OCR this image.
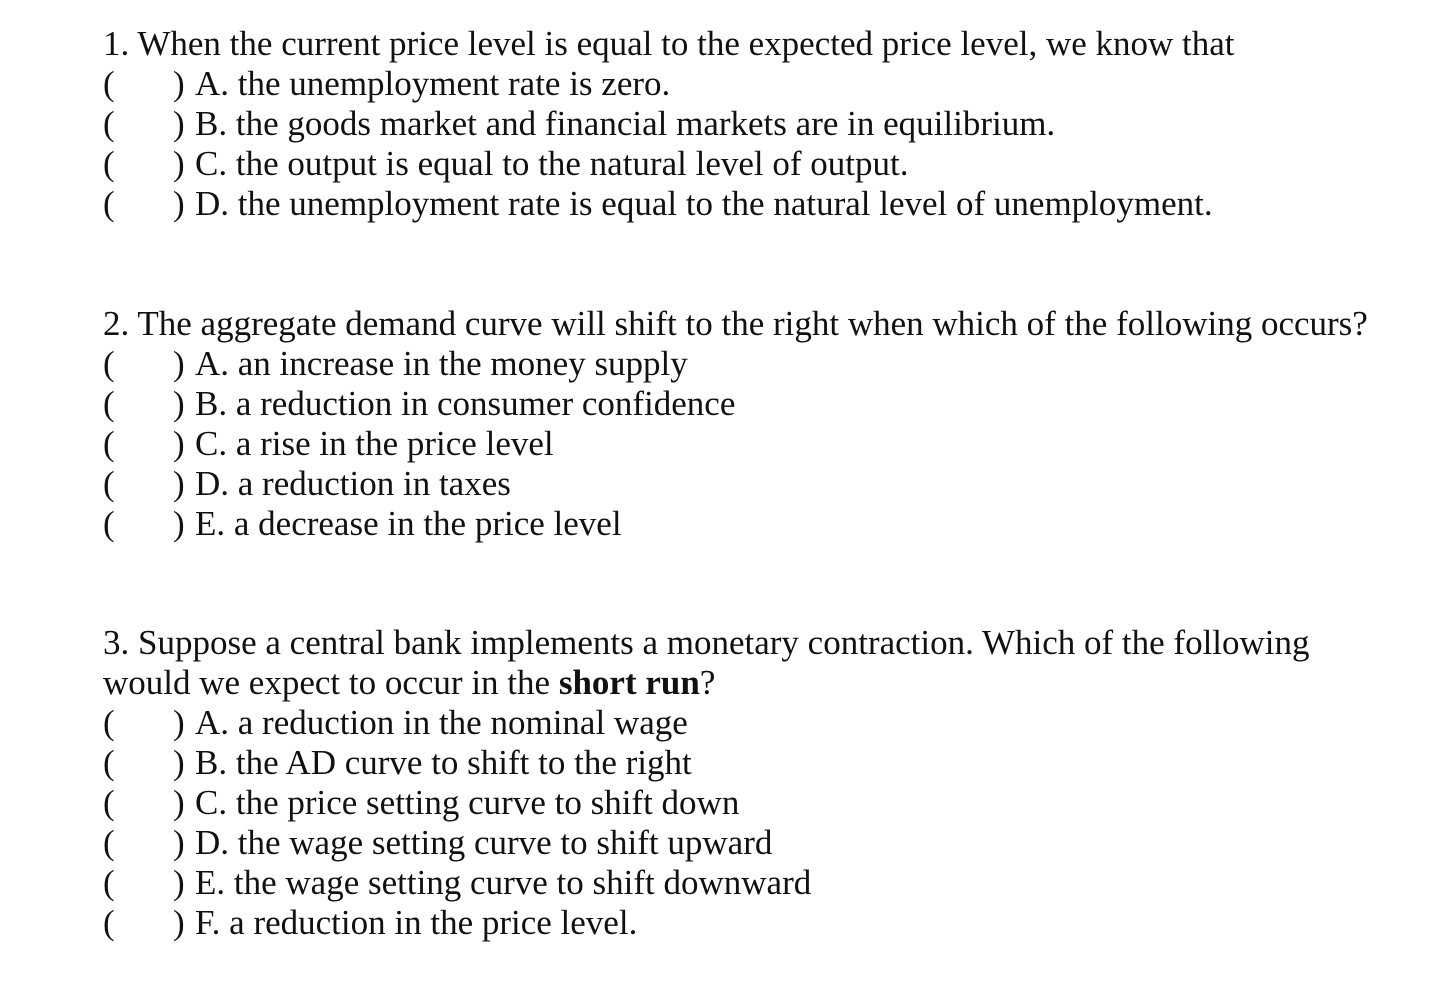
1. When the current price level is equal to the expected price level, we know that
( ) A. the unemployment rate is zero.
( ) B. the goods market and financial markets are in equilibrium.
( ) C. the output is equal to the natural level of output.
( ) D. the unemployment rate is equal to the natural level of unemployment.
2. The aggregate demand curve will shift to the right when which of the following occurs?
( ) A. an increase in the money supply
( ) B. a reduction in consumer confidence
( ) C. a rise in the price level
( ) D. a reduction in taxes
( ) E. a decrease in the price level
3. Suppose a central bank implements a monetary contraction. Which of the following
would we expect to occur in the short run?
( ) A. a reduction in the nominal wage
( ) B. the AD curve to shift to the right
( ) C. the price setting curve to shift down
( ) D. the wage setting curve to shift upward
( ) E. the wage setting curve to shift downward
( ) F. a reduction in the price level.
